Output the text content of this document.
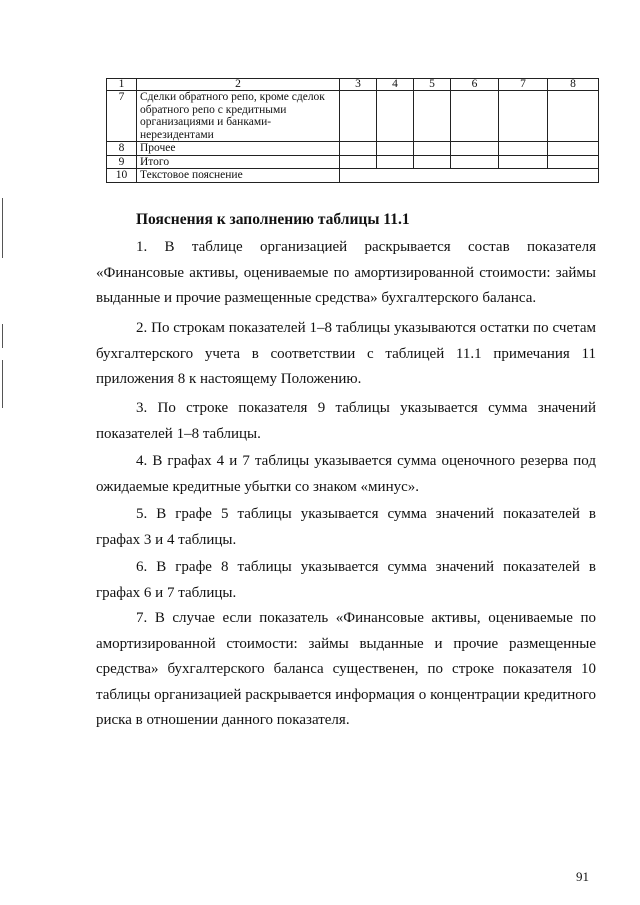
1	2	3	4	5	6	7	8
7	Сделки обратного репо, кроме сделок обратного репо с кредитными организациями и банками-нерезидентами						
8	Прочее						
9	Итого						
10	Текстовое пояснение						
Пояснения к заполнению таблицы 11.1

1. В таблице организацией раскрывается состав показателя «Финансовые активы, оцениваемые по амортизированной стоимости: займы выданные и прочие размещенные средства» бухгалтерского баланса.

2. По строкам показателей 1–8 таблицы указываются остатки по счетам бухгалтерского учета в соответствии с таблицей 11.1 примечания 11 приложения 8 к настоящему Положению.

3. По строке показателя 9 таблицы указывается сумма значений показателей 1–8 таблицы.

4. В графах 4 и 7 таблицы указывается сумма оценочного резерва под ожидаемые кредитные убытки со знаком «минус».

5. В графе 5 таблицы указывается сумма значений показателей в графах 3 и 4 таблицы.

6. В графе 8 таблицы указывается сумма значений показателей в графах 6 и 7 таблицы.

7. В случае если показатель «Финансовые активы, оцениваемые по амортизированной стоимости: займы выданные и прочие размещенные средства» бухгалтерского баланса существенен, по строке показателя 10 таблицы организацией раскрывается информация о концентрации кредитного риска в отношении данного показателя.

91
